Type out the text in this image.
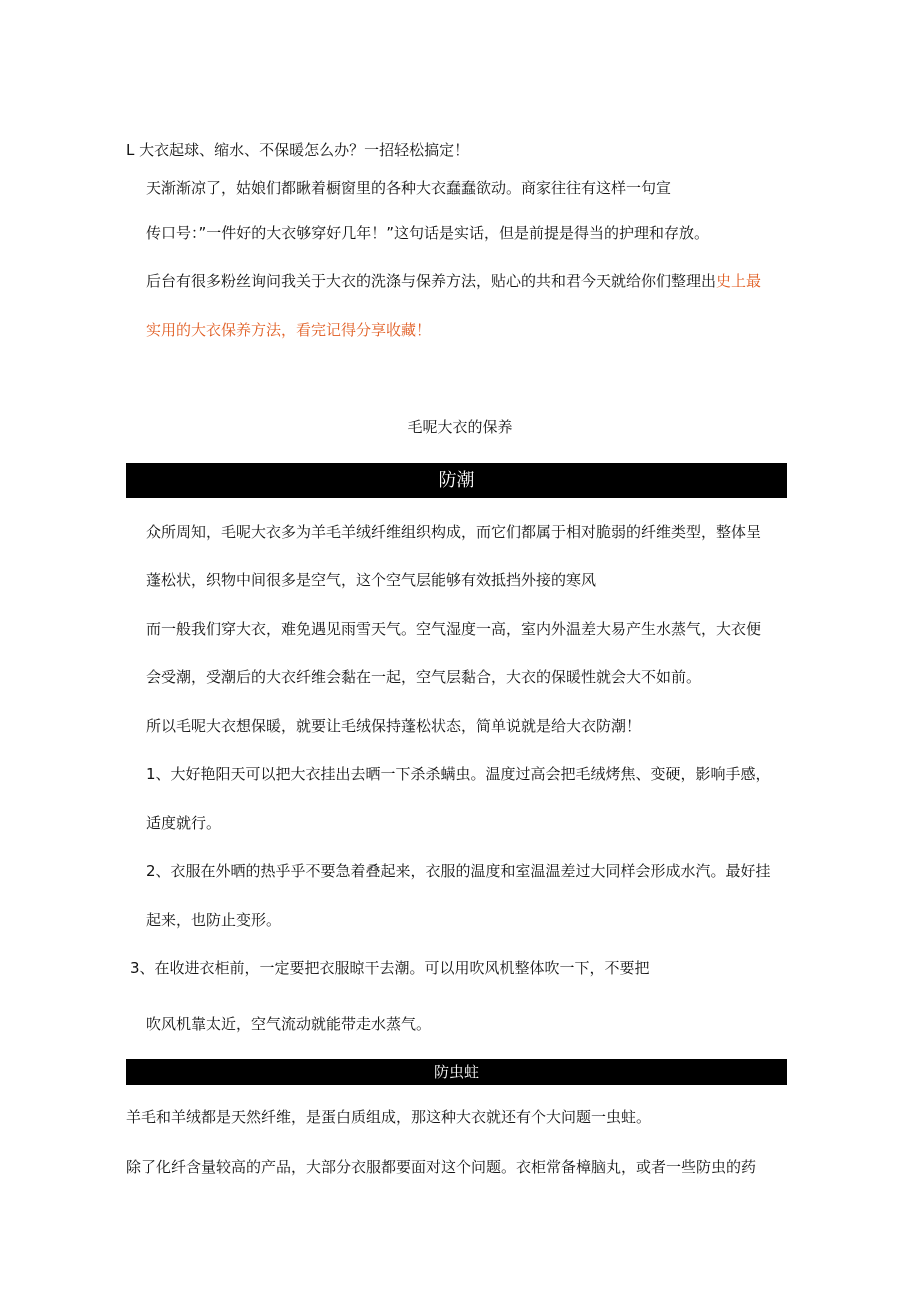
L 大衣起球、缩水、不保暖怎么办？一招轻松搞定！

天渐渐凉了，姑娘们都瞅着橱窗里的各种大衣蠢蠢欲动。商家往往有这样一句宣

传口号：”一件好的大衣够穿好几年！”这句话是实话，但是前提是得当的护理和存放。

后台有很多粉丝询问我关于大衣的洗涤与保养方法，贴心的共和君今天就给你们整理出史上最

实用的大衣保养方法，看完记得分享收藏！

毛呢大衣的保养

防潮

众所周知，毛呢大衣多为羊毛羊绒纤维组织构成，而它们都属于相对脆弱的纤维类型，整体呈

蓬松状，织物中间很多是空气，这个空气层能够有效抵挡外接的寒风

而一般我们穿大衣，难免遇见雨雪天气。空气湿度一高，室内外温差大易产生水蒸气，大衣便

会受潮，受潮后的大衣纤维会黏在一起，空气层黏合，大衣的保暖性就会大不如前。

所以毛呢大衣想保暖，就要让毛绒保持蓬松状态，简单说就是给大衣防潮！

1、大好艳阳天可以把大衣挂出去晒一下杀杀螨虫。温度过高会把毛绒烤焦、变硬，影响手感，

适度就行。

2、衣服在外晒的热乎乎不要急着叠起来，衣服的温度和室温温差过大同样会形成水汽。最好挂

起来，也防止变形。

3、在收进衣柜前，一定要把衣服晾干去潮。可以用吹风机整体吹一下，不要把

吹风机靠太近，空气流动就能带走水蒸气。

防虫蛀

羊毛和羊绒都是天然纤维，是蛋白质组成，那这种大衣就还有个大问题一虫蛀。

除了化纤含量较高的产品，大部分衣服都要面对这个问题。衣柜常备樟脑丸，或者一些防虫的药
